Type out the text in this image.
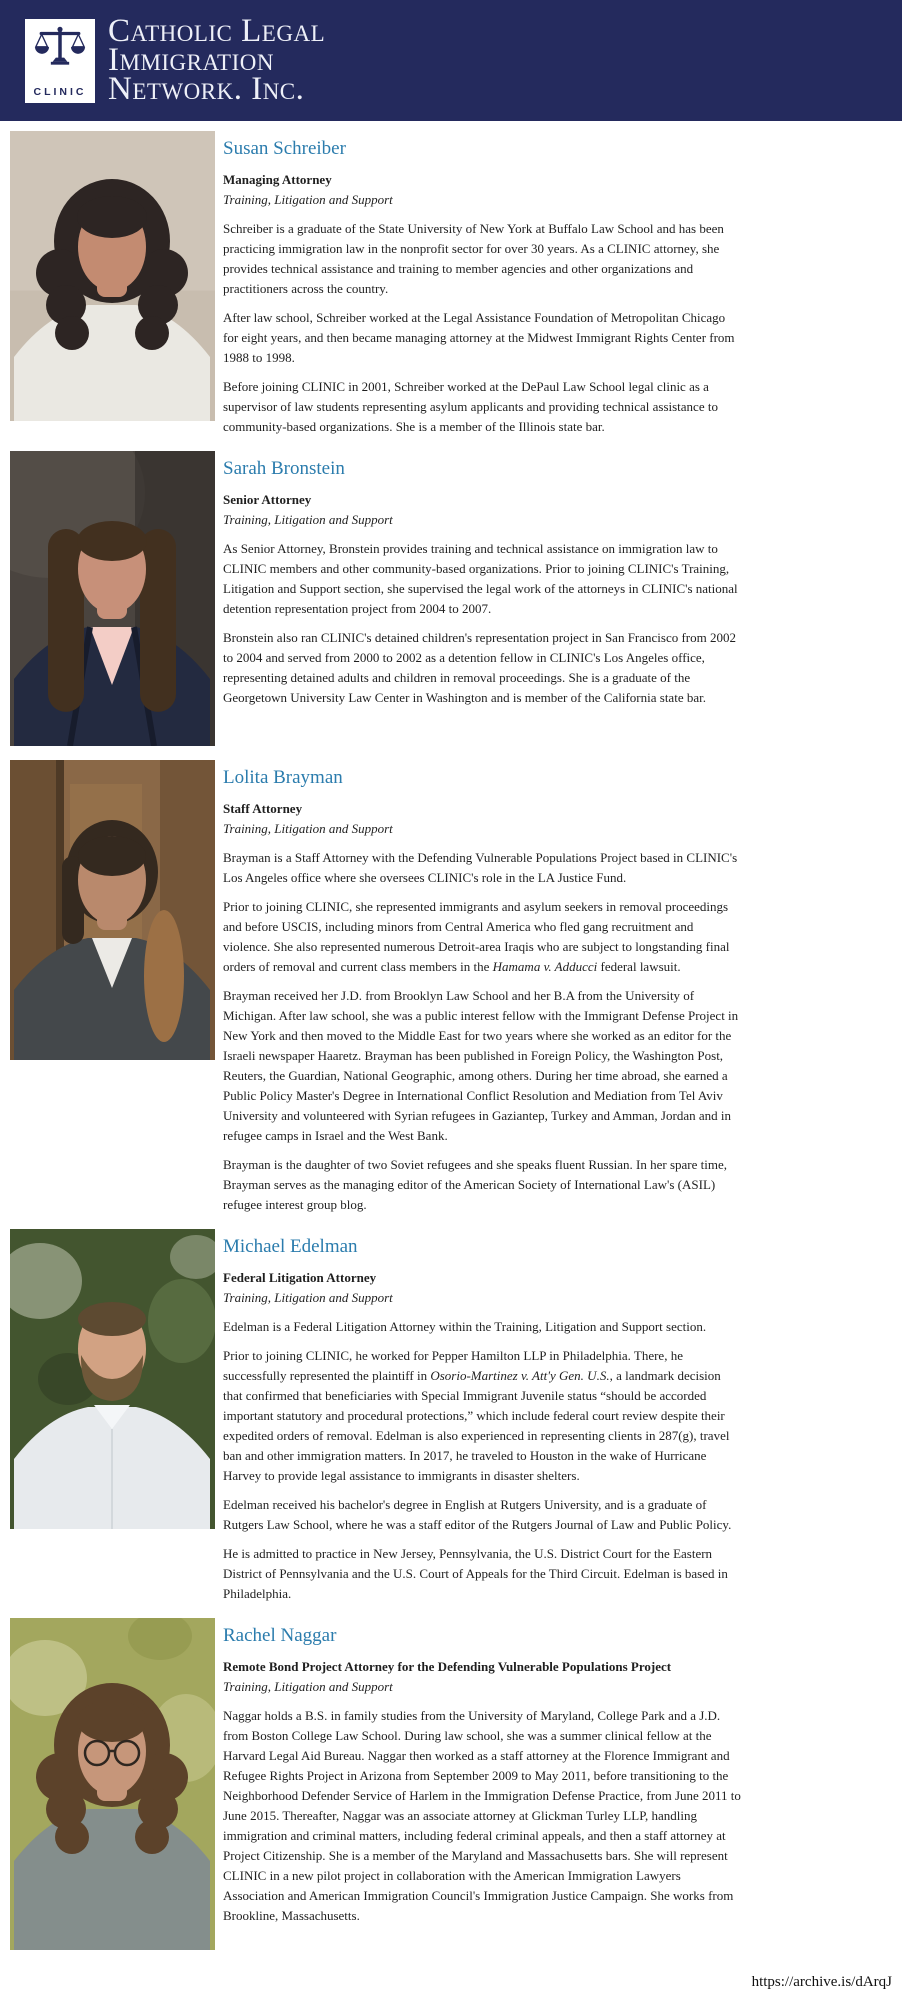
CLINIC
Catholic Legal
Immigration
Network. Inc.
Susan Schreiber
Managing Attorney
Training, Litigation and Support

Schreiber is a graduate of the State University of New York at Buffalo Law School and has been practicing immigration law in the nonprofit sector for over 30 years. As a CLINIC attorney, she provides technical assistance and training to member agencies and other organizations and practitioners across the country.

After law school, Schreiber worked at the Legal Assistance Foundation of Metropolitan Chicago for eight years, and then became managing attorney at the Midwest Immigrant Rights Center from 1988 to 1998.

Before joining CLINIC in 2001, Schreiber worked at the DePaul Law School legal clinic as a supervisor of law students representing asylum applicants and providing technical assistance to community-based organizations. She is a member of the Illinois state bar.

Sarah Bronstein
Senior Attorney
Training, Litigation and Support

As Senior Attorney, Bronstein provides training and technical assistance on immigration law to CLINIC members and other community-based organizations. Prior to joining CLINIC's Training, Litigation and Support section, she supervised the legal work of the attorneys in CLINIC's national detention representation project from 2004 to 2007.

Bronstein also ran CLINIC's detained children's representation project in San Francisco from 2002 to 2004 and served from 2000 to 2002 as a detention fellow in CLINIC's Los Angeles office, representing detained adults and children in removal proceedings. She is a graduate of the Georgetown University Law Center in Washington and is member of the California state bar.

Lolita Brayman
Staff Attorney
Training, Litigation and Support

Brayman is a Staff Attorney with the Defending Vulnerable Populations Project based in CLINIC's Los Angeles office where she oversees CLINIC's role in the LA Justice Fund.

Prior to joining CLINIC, she represented immigrants and asylum seekers in removal proceedings and before USCIS, including minors from Central America who fled gang recruitment and violence. She also represented numerous Detroit-area Iraqis who are subject to longstanding final orders of removal and current class members in the Hamama v. Adducci federal lawsuit.

Brayman received her J.D. from Brooklyn Law School and her B.A from the University of Michigan. After law school, she was a public interest fellow with the Immigrant Defense Project in New York and then moved to the Middle East for two years where she worked as an editor for the Israeli newspaper Haaretz. Brayman has been published in Foreign Policy, the Washington Post, Reuters, the Guardian, National Geographic, among others. During her time abroad, she earned a Public Policy Master's Degree in International Conflict Resolution and Mediation from Tel Aviv University and volunteered with Syrian refugees in Gaziantep, Turkey and Amman, Jordan and in refugee camps in Israel and the West Bank.

Brayman is the daughter of two Soviet refugees and she speaks fluent Russian. In her spare time, Brayman serves as the managing editor of the American Society of International Law's (ASIL) refugee interest group blog.

Michael Edelman
Federal Litigation Attorney
Training, Litigation and Support

Edelman is a Federal Litigation Attorney within the Training, Litigation and Support section.

Prior to joining CLINIC, he worked for Pepper Hamilton LLP in Philadelphia. There, he successfully represented the plaintiff in Osorio-Martinez v. Att'y Gen. U.S., a landmark decision that confirmed that beneficiaries with Special Immigrant Juvenile status “should be accorded important statutory and procedural protections,” which include federal court review despite their expedited orders of removal. Edelman is also experienced in representing clients in 287(g), travel ban and other immigration matters. In 2017, he traveled to Houston in the wake of Hurricane Harvey to provide legal assistance to immigrants in disaster shelters.

Edelman received his bachelor's degree in English at Rutgers University, and is a graduate of Rutgers Law School, where he was a staff editor of the Rutgers Journal of Law and Public Policy.

He is admitted to practice in New Jersey, Pennsylvania, the U.S. District Court for the Eastern District of Pennsylvania and the U.S. Court of Appeals for the Third Circuit. Edelman is based in Philadelphia.

Rachel Naggar
Remote Bond Project Attorney for the Defending Vulnerable Populations Project
Training, Litigation and Support

Naggar holds a B.S. in family studies from the University of Maryland, College Park and a J.D. from Boston College Law School. During law school, she was a summer clinical fellow at the Harvard Legal Aid Bureau. Naggar then worked as a staff attorney at the Florence Immigrant and Refugee Rights Project in Arizona from September 2009 to May 2011, before transitioning to the Neighborhood Defender Service of Harlem in the Immigration Defense Practice, from June 2011 to June 2015. Thereafter, Naggar was an associate attorney at Glickman Turley LLP, handling immigration and criminal matters, including federal criminal appeals, and then a staff attorney at Project Citizenship. She is a member of the Maryland and Massachusetts bars. She will represent CLINIC in a new pilot project in collaboration with the American Immigration Lawyers Association and American Immigration Council's Immigration Justice Campaign. She works from Brookline, Massachusetts.

https://archive.is/dArqJ
